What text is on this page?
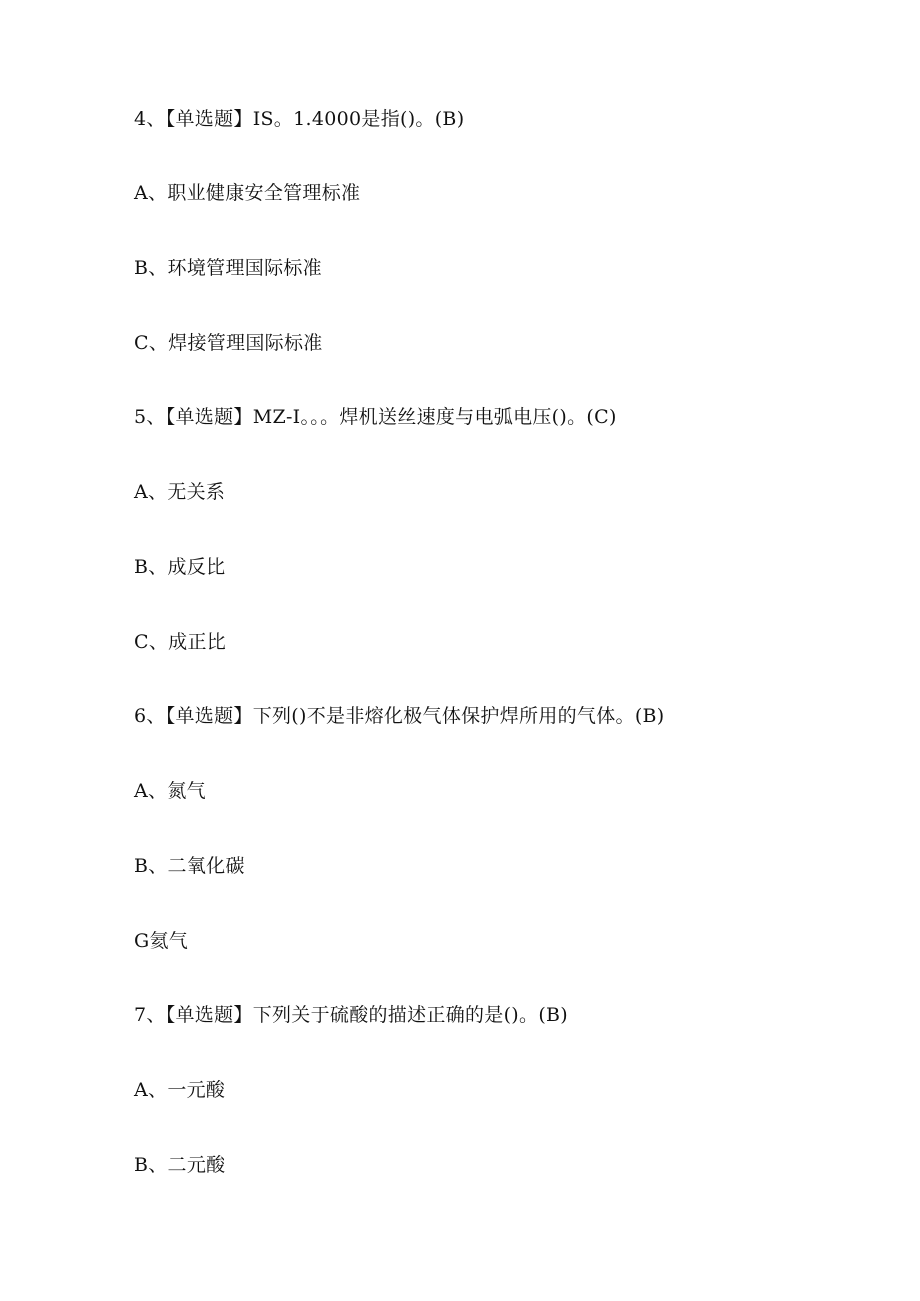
4、【单选题】IS。1.4000是指()。(B)
A、职业健康安全管理标准
B、环境管理国际标准
C、焊接管理国际标准
5、【单选题】MZ-I。。。焊机送丝速度与电弧电压()。(C)
A、无关系
B、成反比
C、成正比
6、【单选题】下列()不是非熔化极气体保护焊所用的气体。(B)
A、氮气
B、二氧化碳
G氦气
7、【单选题】下列关于硫酸的描述正确的是()。(B)
A、一元酸
B、二元酸
